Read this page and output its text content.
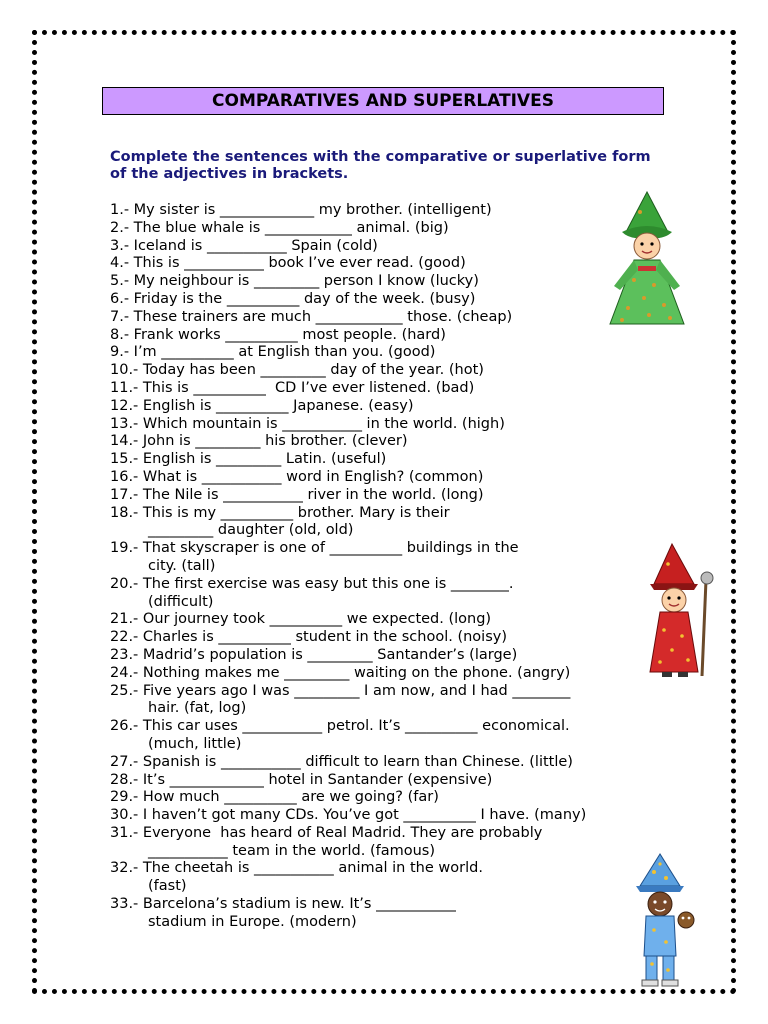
COMPARATIVES AND SUPERLATIVES
Complete the sentences with the comparative or superlative form of the adjectives in brackets.
1.- My sister is _____________ my brother. (intelligent)
2.- The blue whale is ____________ animal. (big)
3.- Iceland is ___________ Spain (cold)
4.- This is ___________ book I’ve ever read. (good)
5.- My neighbour is _________ person I know (lucky)
6.- Friday is the __________ day of the week. (busy)
7.- These trainers are much ____________ those. (cheap)
8.- Frank works __________ most people. (hard)
9.- I’m __________ at English than you. (good)
10.- Today has been _________ day of the year. (hot)
11.- This is __________  CD I’ve ever listened. (bad)
12.- English is __________ Japanese. (easy)
13.- Which mountain is ___________ in the world. (high)
14.- John is _________ his brother. (clever)
15.- English is _________ Latin. (useful)
16.- What is ___________ word in English? (common)
17.- The Nile is ___________ river in the world. (long)
18.- This is my __________ brother. Mary is their
_________ daughter (old, old)
19.- That skyscraper is one of __________ buildings in the
city. (tall)
20.- The first exercise was easy but this one is ________.
(difficult)
21.- Our journey took __________ we expected. (long)
22.- Charles is __________ student in the school. (noisy)
23.- Madrid’s population is _________ Santander’s (large)
24.- Nothing makes me _________ waiting on the phone. (angry)
25.- Five years ago I was _________ I am now, and I had ________
hair. (fat, log)
26.- This car uses ___________ petrol. It’s __________ economical.
(much, little)
27.- Spanish is ___________ difficult to learn than Chinese. (little)
28.- It’s _____________ hotel in Santander (expensive)
29.- How much __________ are we going? (far)
30.- I haven’t got many CDs. You’ve got __________ I have. (many)
31.- Everyone  has heard of Real Madrid. They are probably
___________ team in the world. (famous)
32.- The cheetah is ___________ animal in the world.
(fast)
33.- Barcelona’s stadium is new. It’s ___________
stadium in Europe. (modern)
